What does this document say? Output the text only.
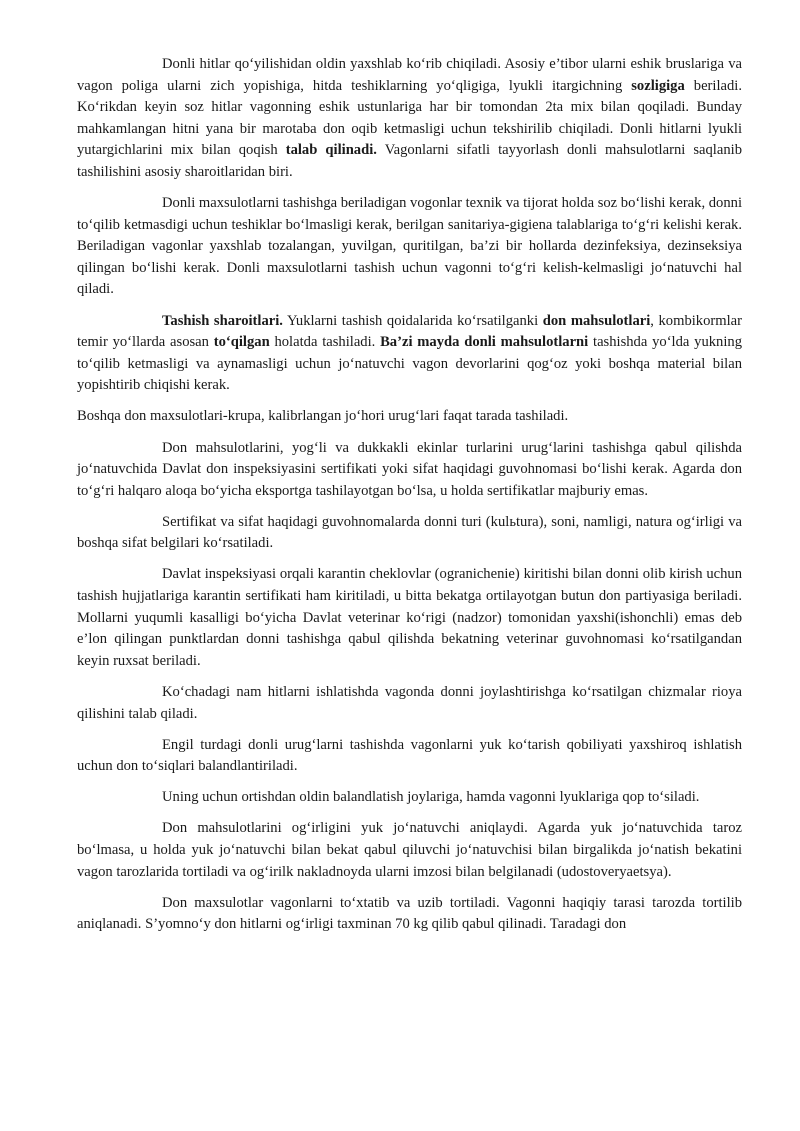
Donli hitlar qo‘yilishidan oldin yaxshlab ko‘rib chiqiladi. Asosiy e’tibor ularni eshik bruslariga va vagon poliga ularni zich yopishiga, hitda teshiklarning yo‘qligiga, lyukli itargichning sozligiga beriladi. Ko‘rikdan keyin soz hitlar vagonning eshik ustunlariga har bir tomondan 2ta mix bilan qoqiladi. Bunday mahkamlangan hitni yana bir marotaba don oqib ketmasligi uchun tekshirilib chiqiladi. Donli hitlarni lyukli yutargichlarini mix bilan qoqish talab qilinadi. Vagonlarni sifatli tayyorlash donli mahsulotlarni saqlanib tashilishini asosiy sharoitlaridan biri.

Donli maxsulotlarni tashishga beriladigan vogonlar texnik va tijorat holda soz bo‘lishi kerak, donni to‘qilib ketmasdigi uchun teshiklar bo‘lmasligi kerak, berilgan sanitariya-gigiena talablariga to‘g‘ri kelishi kerak. Beriladigan vagonlar yaxshlab tozalangan, yuvilgan, quritilgan, ba’zi bir hollarda dezinfeksiya, dezinseksiya qilingan bo‘lishi kerak. Donli maxsulotlarni tashish uchun vagonni to‘g‘ri kelish-kelmasligi jo‘natuvchi hal qiladi.

Tashish sharoitlari. Yuklarni tashish qoidalarida ko‘rsatilganki don mahsulotlari, kombikormlar temir yo‘llarda asosan to‘qilgan holatda tashiladi. Ba’zi mayda donli mahsulotlarni tashishda yo‘lda yukning to‘qilib ketmasligi va aynamasligi uchun jo‘natuvchi vagon devorlarini qog‘oz yoki boshqa material bilan yopishtirib chiqishi kerak.

Boshqa don maxsulotlari-krupa, kalibrlangan jo‘hori urug‘lari faqat tarada tashiladi.

Don mahsulotlarini, yog‘li va dukkakli ekinlar turlarini urug‘larini tashishga qabul qilishda jo‘natuvchida Davlat don inspeksiyasini sertifikati yoki sifat haqidagi guvohnomasi bo‘lishi kerak. Agarda don to‘g‘ri halqaro aloqa bo‘yicha eksportga tashilayotgan bo‘lsa, u holda sertifikatlar majburiy emas.

Sertifikat va sifat haqidagi guvohnomalarda donni turi (kulьtura), soni, namligi, natura og‘irligi va boshqa sifat belgilari ko‘rsatiladi.

Davlat inspeksiyasi orqali karantin cheklovlar (ogranichenie) kiritishi bilan donni olib kirish uchun tashish hujjatlariga karantin sertifikati ham kiritiladi, u bitta bekatga ortilayotgan butun don partiyasiga beriladi. Mollarni yuqumli kasalligi bo‘yicha Davlat veterinar ko‘rigi (nadzor) tomonidan yaxshi(ishonchli) emas deb e’lon qilingan punktlardan donni tashishga qabul qilishda bekatning veterinar guvohnomasi ko‘rsatilgandan keyin ruxsat beriladi.

Ko‘chadagi nam hitlarni ishlatishda vagonda donni joylashtirishga ko‘rsatilgan chizmalar rioya qilishini talab qiladi.

Engil turdagi donli urug‘larni tashishda vagonlarni yuk ko‘tarish qobiliyati yaxshiroq ishlatish uchun don to‘siqlari balandlantiriladi.

Uning uchun ortishdan oldin balandlatish joylariga, hamda vagonni lyuklariga qop to‘siladi.

Don mahsulotlarini og‘irligini yuk jo‘natuvchi aniqlaydi. Agarda yuk jo‘natuvchida taroz bo‘lmasa, u holda yuk jo‘natuvchi bilan bekat qabul qiluvchi jo‘natuvchisi bilan birgalikda jo‘natish bekatini vagon tarozlarida tortiladi va og‘irilk nakladnoyda ularni imzosi bilan belgilanadi (udostoveryaetsya).

Don maxsulotlar vagonlarni to‘xtatib va uzib tortiladi. Vagonni haqiqiy tarasi tarozda tortilib aniqlanadi. S’yomno‘y don hitlarni og‘irligi taxminan 70 kg qilib qabul qilinadi. Taradagi don
